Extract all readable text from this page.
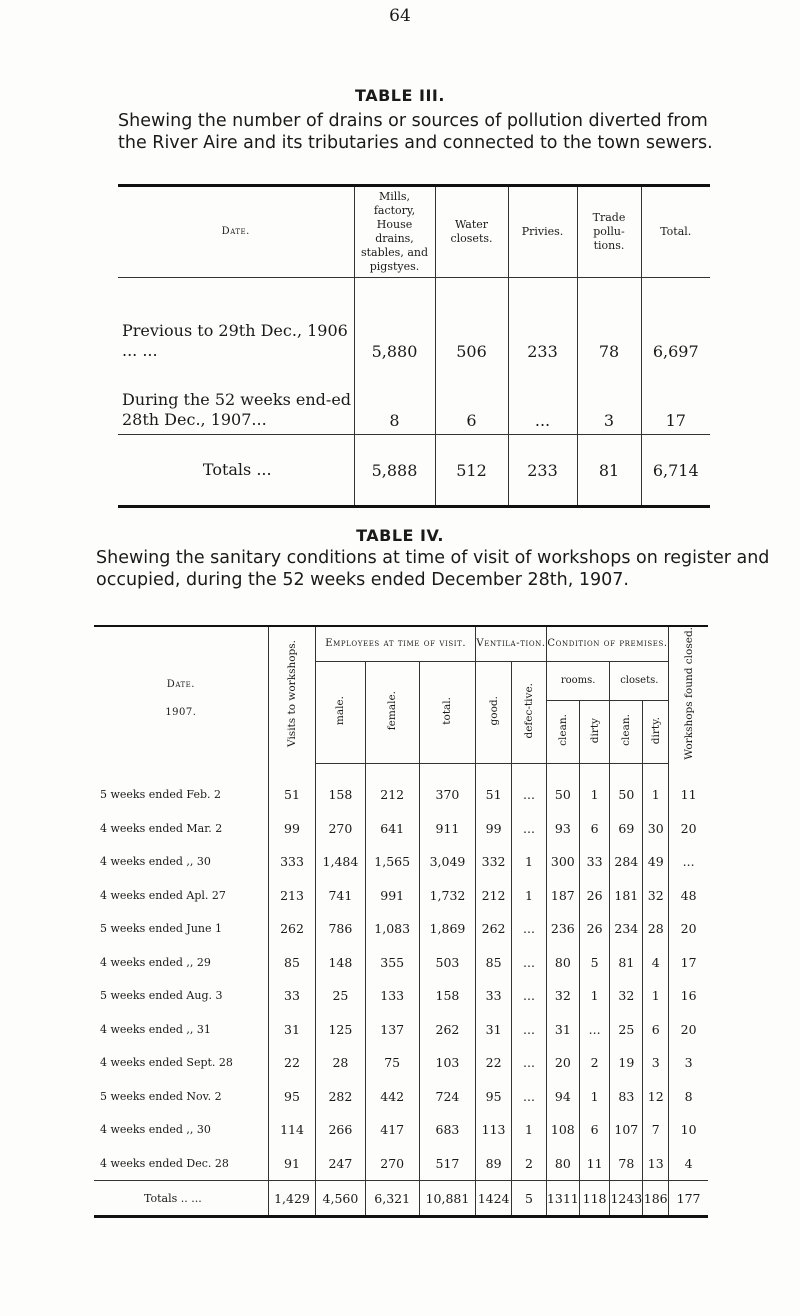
64
TABLE III.
Shewing the number of drains or sources of pollution diverted from the River Aire and its tributaries and connected to the town sewers.
Date.	Mills, factory, House drains, stables, and pigstyes.	Water closets.	Privies.	Trade pollu-tions.	Total.
Previous to 29th Dec., 1906 ... ...	5,880	506	233	78	6,697
During the 52 weeks end-ed 28th Dec., 1907...	8	6	...	3	17
Totals ...	5,888	512	233	81	6,714
TABLE IV.
Shewing the sanitary conditions at time of visit of workshops on register and occupied, during the 52 weeks ended December 28th, 1907.
Date.
1907.	Visits to workshops.	Employees at time of visit.			Ventila-tion.		Condition of premises.				Workshops found closed.
		male.	female.	total.	good.	defec-tive.	rooms.		closets.		
							clean.	dirty	clean.	dirty.	
5 weeks ended Feb. 2	51	158	212	370	51	...	50	1	50	1	11
4 weeks ended Mar. 2	99	270	641	911	99	...	93	6	69	30	20
4 weeks ended ,, 30	333	1,484	1,565	3,049	332	1	300	33	284	49	...
4 weeks ended Apl. 27	213	741	991	1,732	212	1	187	26	181	32	48
5 weeks ended June 1	262	786	1,083	1,869	262	...	236	26	234	28	20
4 weeks ended ,, 29	85	148	355	503	85	...	80	5	81	4	17
5 weeks ended Aug. 3	33	25	133	158	33	...	32	1	32	1	16
4 weeks ended ,, 31	31	125	137	262	31	...	31	...	25	6	20
4 weeks ended Sept. 28	22	28	75	103	22	...	20	2	19	3	3
5 weeks ended Nov. 2	95	282	442	724	95	...	94	1	83	12	8
4 weeks ended ,, 30	114	266	417	683	113	1	108	6	107	7	10
4 weeks ended Dec. 28	91	247	270	517	89	2	80	11	78	13	4
Totals .. ...	1,429	4,560	6,321	10,881	1424	5	1311	118	1243	186	177
